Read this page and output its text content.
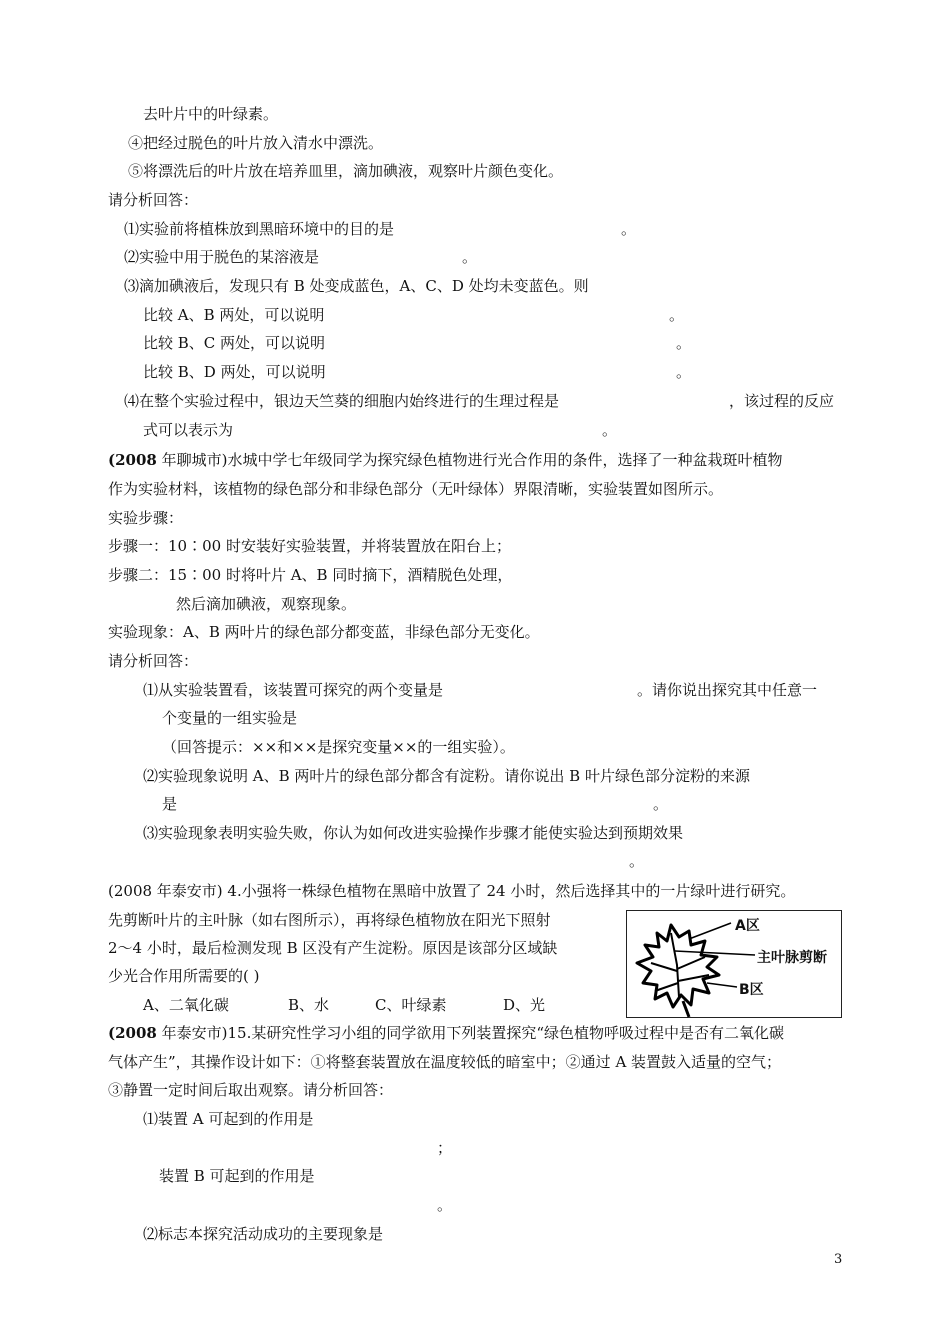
去叶片中的叶绿素。
④把经过脱色的叶片放入清水中漂洗。
⑤将漂洗后的叶片放在培养皿里，滴加碘液，观察叶片颜色变化。
请分析回答：
⑴实验前将植株放到黑暗环境中的目的是	。
⑵实验中用于脱色的某溶液是	。
⑶滴加碘液后，发现只有 B 处变成蓝色，A、C、D 处均未变蓝色。则
比较 A、B 两处，可以说明	。
比较 B、C 两处，可以说明	。
比较 B、D 两处，可以说明	。
⑷在整个实验过程中，银边天竺葵的细胞内始终进行的生理过程是	，该过程的反应
式可以表示为	。
(2008 年聊城市)水城中学七年级同学为探究绿色植物进行光合作用的条件，选择了一种盆栽斑叶植物
作为实验材料，该植物的绿色部分和非绿色部分（无叶绿体）界限清晰，实验装置如图所示。
实验步骤：
步骤一：10∶00 时安装好实验装置，并将装置放在阳台上；
步骤二：15∶00 时将叶片 A、B 同时摘下，酒精脱色处理，
然后滴加碘液，观察现象。
实验现象：A、B 两叶片的绿色部分都变蓝，非绿色部分无变化。
请分析回答：
⑴从实验装置看，该装置可探究的两个变量是	。请你说出探究其中任意一
个变量的一组实验是
（回答提示：××和××是探究变量××的一组实验）。
⑵实验现象说明 A、B 两叶片的绿色部分都含有淀粉。请你说出 B 叶片绿色部分淀粉的来源
是	。
⑶实验现象表明实验失败，你认为如何改进实验操作步骤才能使实验达到预期效果
。
(2008 年泰安市) 4.小强将一株绿色植物在黑暗中放置了 24 小时，然后选择其中的一片绿叶进行研究。
先剪断叶片的主叶脉（如右图所示），再将绿色植物放在阳光下照射
2～4 小时，最后检测发现 B 区没有产生淀粉。原因是该部分区域缺
少光合作用所需要的( )
A、二氧化碳	B、水	C、叶绿素	D、光
A区
主叶脉剪断
B区
(2008 年泰安市)15.某研究性学习小组的同学欲用下列装置探究“绿色植物呼吸过程中是否有二氧化碳
气体产生”，其操作设计如下：①将整套装置放在温度较低的暗室中；②通过 A 装置鼓入适量的空气；
③静置一定时间后取出观察。请分析回答：
⑴装置 A 可起到的作用是
；
装置 B 可起到的作用是
。
⑵标志本探究活动成功的主要现象是
3
